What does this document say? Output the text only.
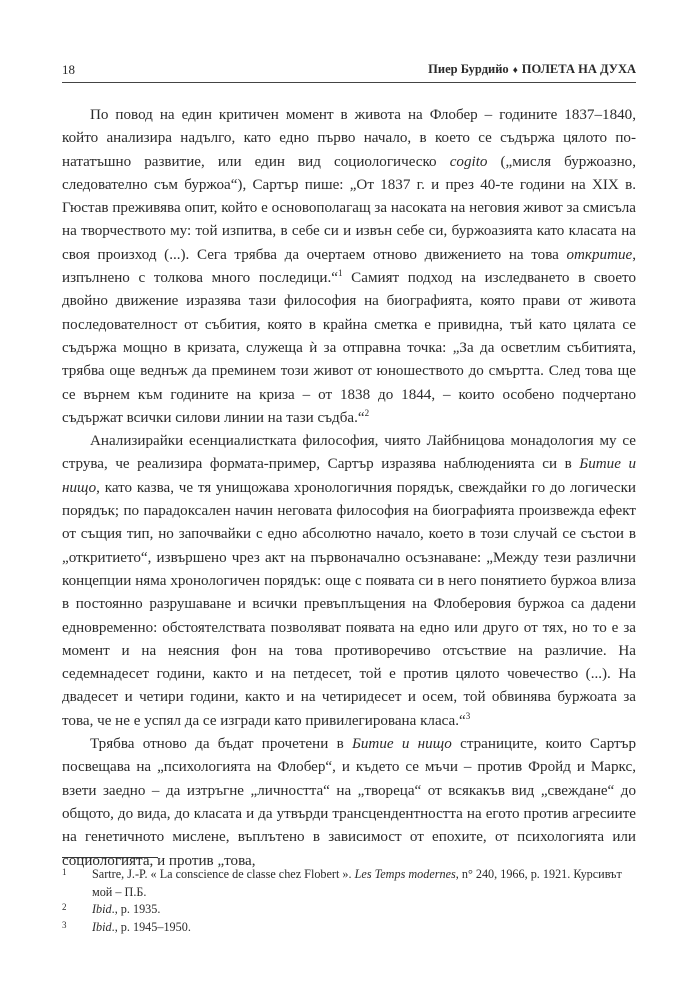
18	Пиер Бурдийо ♦ ПОЛЕТА НА ДУХА

По повод на един критичен момент в живота на Флобер – годините 1837–1840, който анализира надълго, като едно първо начало, в което се съдържа цялото по-нататъшно развитие, или един вид социологическо cogito („мисля буржоазно, следователно съм буржоа“), Сартър пише: „От 1837 г. и през 40-те години на XIX в. Гюстав преживява опит, който е основополагащ за насоката на неговия живот за смисъла на творчеството му: той изпитва, в себе си и извън себе си, буржоазията като класата на своя произход (...). Сега трябва да очертаем отново движението на това откритие, изпълнено с толкова много последици.“$^1$ Самият подход на изследването в своето двойно движение изразява тази философия на биографията, която прави от живота последователност от събития, която в крайна сметка е привидна, тъй като цялата се съдържа мощно в кризата, служеща ѝ за отправна точка: „За да осветлим събитията, трябва още веднъж да преминем този живот от юношеството до смъртта. След това ще се върнем към годините на криза – от 1838 до 1844, – които особено подчертано съдържат всички силови линии на тази съдба.“$^2$

Анализирайки есенциалистката философия, чиято Лайбницова монадология му се струва, че реализира формата-пример, Сартър изразява наблюденията си в Битие и нищо, като казва, че тя унищожава хронологичния порядък, свеждайки го до логически порядък; по парадоксален начин неговата философия на биографията произвежда ефект от същия тип, но започвайки с едно абсолютно начало, което в този случай се състои в „откритието“, извършено чрез акт на първоначално осъзнаване: „Между тези различни концепции няма хронологичен порядък: още с появата си в него понятието буржоа влиза в постоянно разрушаване и всички превъплъщения на Флоберовия буржоа са дадени едновременно: обстоятелствата позволяват появата на едно или друго от тях, но то е за момент и на неясния фон на това противоречиво отсъствие на различие. На седемнадесет години, както и на петдесет, той е против цялото човечество (...). На двадесет и четири години, както и на четиридесет и осем, той обвинява буржоата за това, че не е успял да се изгради като привилегирована класа.“$^3$

Трябва отново да бъдат прочетени в Битие и нищо страниците, които Сартър посвещава на „психологията на Флобер“, и където се мъчи – против Фройд и Маркс, взети заедно – да изтръгне „личността“ на „твореца“ от всякакъв вид „свеждане“ до общото, до вида, до класата и да утвърди трансцендентността на егото против агресиите на генетичното мислене, въплътено в зависимост от епохите, от психологията или социологията, и против „това,

1 Sartre, J.-P. « La conscience de classe chez Flobert ». Les Temps modernes, n° 240, 1966, p. 1921. Курсивът мой – П.Б.
2 Ibid., p. 1935.
3 Ibid., p. 1945–1950.
